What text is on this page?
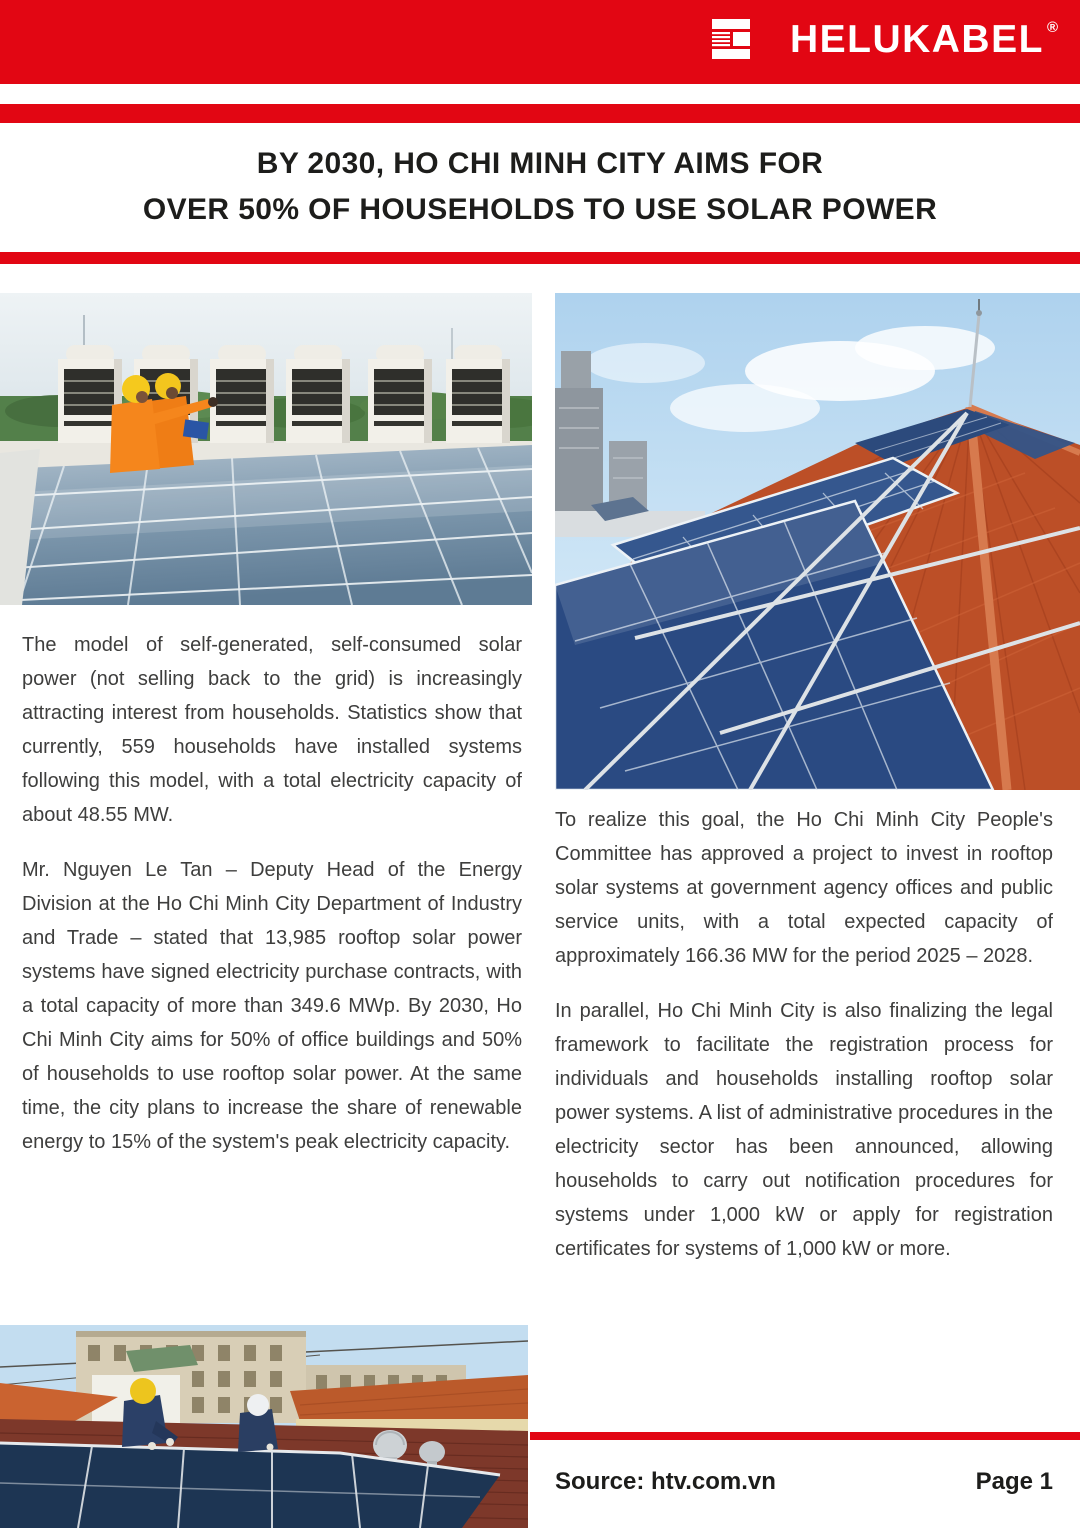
HELUKABEL ®
BY 2030, HO CHI MINH CITY AIMS FOR
OVER 50% OF HOUSEHOLDS TO USE SOLAR POWER

The model of self-generated, self-consumed solar power (not selling back to the grid) is increasingly attracting interest from households. Statistics show that currently, 559 households have installed systems following this model, with a total electricity capacity of about 48.55 MW.

Mr. Nguyen Le Tan – Deputy Head of the Energy Division at the Ho Chi Minh City Department of Industry and Trade – stated that 13,985 rooftop solar power systems have signed electricity purchase contracts, with a total capacity of more than 349.6 MWp. By 2030, Ho Chi Minh City aims for 50% of office buildings and 50% of households to use rooftop solar power. At the same time, the city plans to increase the share of renewable energy to 15% of the system's peak electricity capacity.

To realize this goal, the Ho Chi Minh City People's Committee has approved a project to invest in rooftop solar systems at government agency offices and public service units, with a total expected capacity of approximately 166.36 MW for the period 2025 – 2028.

In parallel, Ho Chi Minh City is also finalizing the legal framework to facilitate the registration process for individuals and households installing rooftop solar power systems. A list of administrative procedures in the electricity sector has been announced, allowing households to carry out notification procedures for systems under 1,000 kW or apply for registration certificates for systems of 1,000 kW or more.

Source: htv.com.vn	Page 1
